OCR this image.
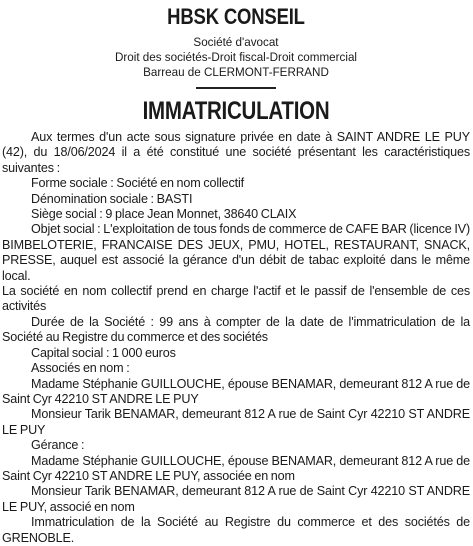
HBSK CONSEIL
Société d'avocat
Droit des sociétés-Droit fiscal-Droit commercial
Barreau de CLERMONT-FERRAND
IMMATRICULATION

Aux termes d'un acte sous signature privée en date à SAINT ANDRE LE PUY (42), du 18/06/2024 il a été constitué une société présentant les caractéristiques suivantes :

Forme sociale : Société en nom collectif

Dénomination sociale : BASTI

Siège social : 9 place Jean Monnet, 38640 CLAIX

Objet social : L'exploitation de tous fonds de commerce de CAFE BAR (licence IV) BIMBELOTERIE, FRANCAISE DES JEUX, PMU, HOTEL, RESTAURANT, SNACK, PRESSE, auquel est associé la gérance d'un débit de tabac exploité dans le même local.

La société en nom collectif prend en charge l'actif et le passif de l'ensemble de ces activités

Durée de la Société : 99 ans à compter de la date de l'immatriculation de la Société au Registre du commerce et des sociétés

Capital social : 1 000 euros

Associés en nom :

Madame Stéphanie GUILLOUCHE, épouse BENAMAR, demeurant 812 A rue de Saint Cyr 42210 ST ANDRE LE PUY

Monsieur Tarik BENAMAR, demeurant 812 A rue de Saint Cyr 42210 ST ANDRE LE PUY

Gérance :

Madame Stéphanie GUILLOUCHE, épouse BENAMAR, demeurant 812 A rue de Saint Cyr 42210 ST ANDRE LE PUY, associée en nom

Monsieur Tarik BENAMAR, demeurant 812 A rue de Saint Cyr 42210 ST ANDRE LE PUY, associé en nom

Immatriculation de la Société au Registre du commerce et des sociétés de GRENOBLE.
